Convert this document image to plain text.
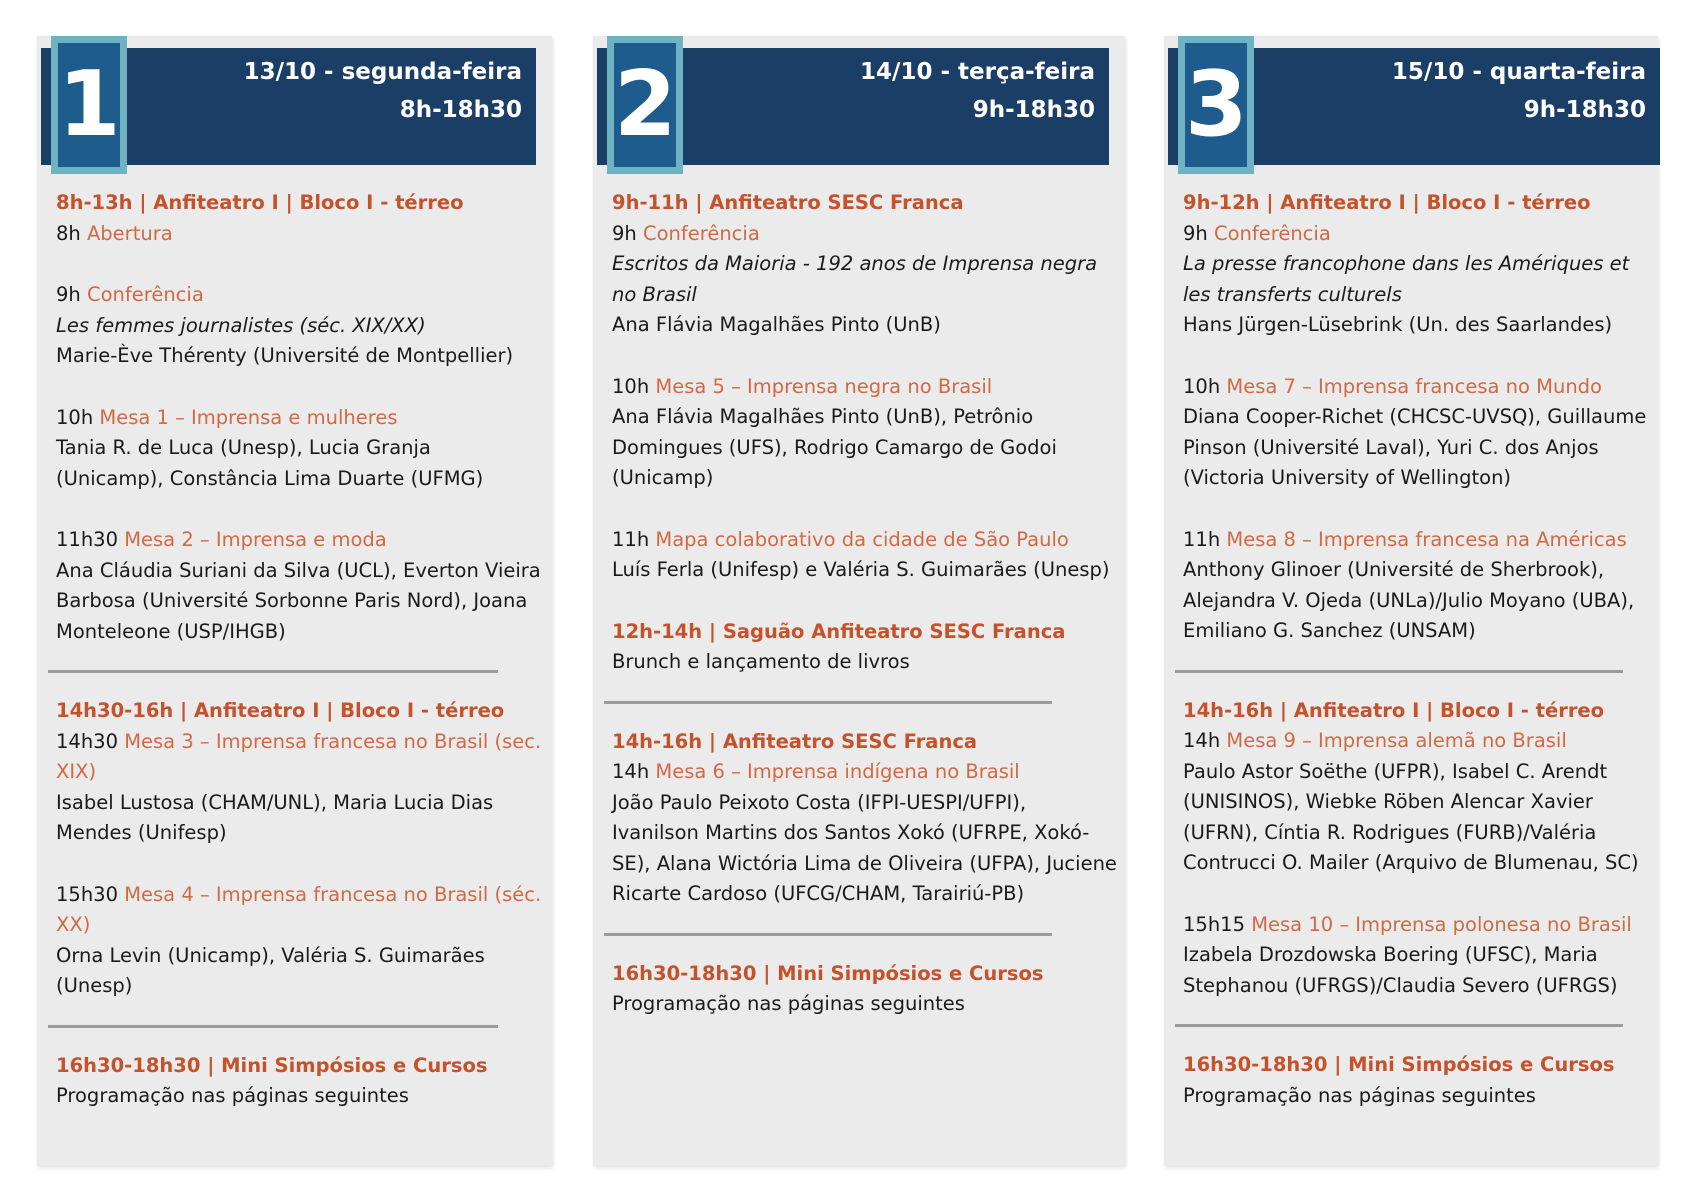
1	13/10 - segunda-feira
8h-18h30
8h-13h | Anfiteatro I | Bloco I - térreo
8h Abertura
9h Conferência
Les femmes journalistes (séc. XIX/XX)
Marie-Ève Thérenty (Université de Montpellier)
10h Mesa 1 – Imprensa e mulheres
Tania R. de Luca (Unesp), Lucia Granja (Unicamp), Constância Lima Duarte (UFMG)
11h30 Mesa 2 – Imprensa e moda
Ana Cláudia Suriani da Silva (UCL), Everton Vieira Barbosa (Université Sorbonne Paris Nord), Joana Monteleone (USP/IHGB)
14h30-16h | Anfiteatro I | Bloco I - térreo
14h30 Mesa 3 – Imprensa francesa no Brasil (sec. XIX)
Isabel Lustosa (CHAM/UNL), Maria Lucia Dias Mendes (Unifesp)
15h30 Mesa 4 – Imprensa francesa no Brasil (séc. XX)
Orna Levin (Unicamp), Valéria S. Guimarães (Unesp)
16h30-18h30 | Mini Simpósios e Cursos
Programação nas páginas seguintes
2	14/10 - terça-feira
9h-18h30
9h-11h | Anfiteatro SESC Franca
9h Conferência
Escritos da Maioria - 192 anos de Imprensa negra no Brasil
Ana Flávia Magalhães Pinto (UnB)
10h Mesa 5 – Imprensa negra no Brasil
Ana Flávia Magalhães Pinto (UnB), Petrônio Domingues (UFS), Rodrigo Camargo de Godoi (Unicamp)
11h Mapa colaborativo da cidade de São Paulo
Luís Ferla (Unifesp) e Valéria S. Guimarães (Unesp)
12h-14h | Saguão Anfiteatro SESC Franca
Brunch e lançamento de livros
14h-16h | Anfiteatro SESC Franca
14h Mesa 6 – Imprensa indígena no Brasil
João Paulo Peixoto Costa (IFPI-UESPI/UFPI), Ivanilson Martins dos Santos Xokó (UFRPE, Xokó-SE), Alana Wictória Lima de Oliveira (UFPA), Juciene Ricarte Cardoso (UFCG/CHAM, Tarairiú-PB)
16h30-18h30 | Mini Simpósios e Cursos
Programação nas páginas seguintes
3	15/10 - quarta-feira
9h-18h30
9h-12h | Anfiteatro I | Bloco I - térreo
9h Conferência
La presse francophone dans les Amériques et les transferts culturels
Hans Jürgen-Lüsebrink (Un. des Saarlandes)
10h Mesa 7 – Imprensa francesa no Mundo Diana Cooper-Richet (CHCSC-UVSQ), Guillaume Pinson (Université Laval), Yuri C. dos Anjos (Victoria University of Wellington)
11h Mesa 8 – Imprensa francesa na Américas
Anthony Glinoer (Université de Sherbrook), Alejandra V. Ojeda (UNLa)/Julio Moyano (UBA), Emiliano G. Sanchez (UNSAM)
14h-16h | Anfiteatro I | Bloco I - térreo
14h Mesa 9 – Imprensa alemã no Brasil
Paulo Astor Soëthe (UFPR), Isabel C. Arendt (UNISINOS), Wiebke Röben Alencar Xavier (UFRN), Cíntia R. Rodrigues (FURB)/Valéria Contrucci O. Mailer (Arquivo de Blumenau, SC)
15h15 Mesa 10 – Imprensa polonesa no Brasil
Izabela Drozdowska Boering (UFSC), Maria Stephanou (UFRGS)/Claudia Severo (UFRGS)
16h30-18h30 | Mini Simpósios e Cursos
Programação nas páginas seguintes
